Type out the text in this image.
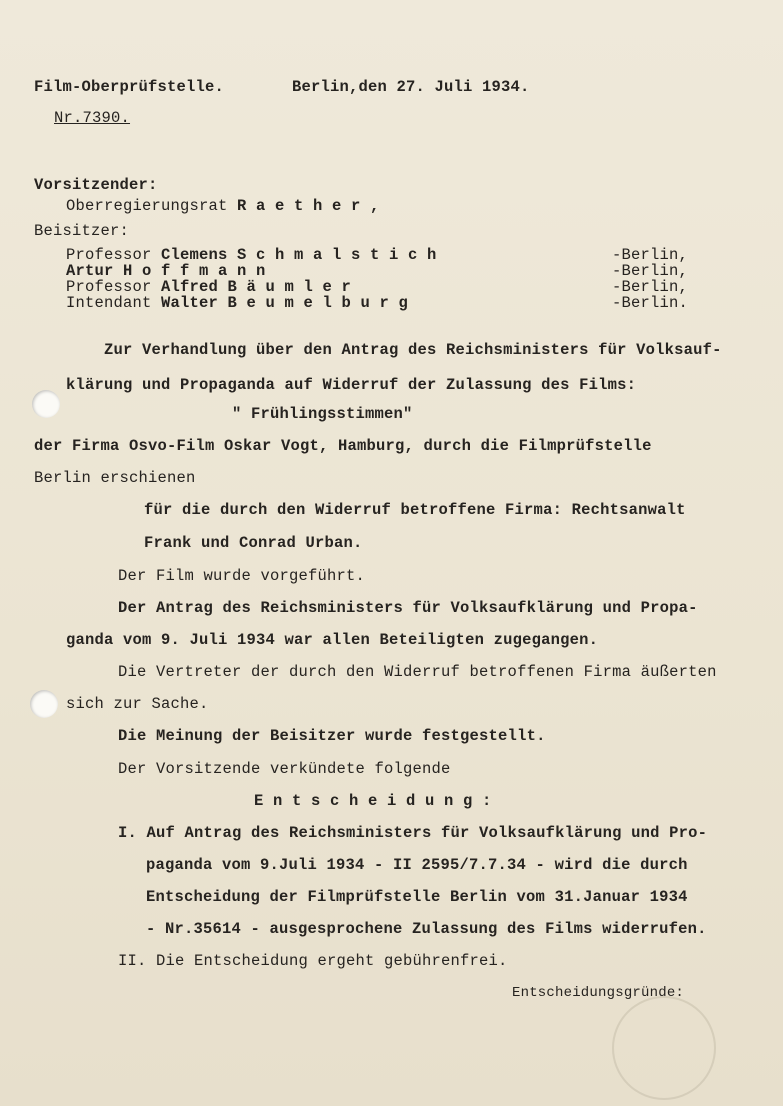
Film-Oberprüfstelle.	Berlin,den 27. Juli 1934.
Nr.7390.
Vorsitzender:
Oberregierungsrat R a e t h e r ,
Beisitzer:
Professor Clemens S c h m a l s t i c h	-Berlin,
Artur H o f f m a n n	-Berlin,
Professor Alfred B ä u m l e r	-Berlin,
Intendant Walter B e u m e l b u r g	-Berlin.
Zur Verhandlung über den Antrag des Reichsministers für Volksauf-
klärung und Propaganda auf Widerruf der Zulassung des Films:
" Frühlingsstimmen"
der Firma Osvo-Film Oskar Vogt, Hamburg, durch die Filmprüfstelle
Berlin erschienen
für die durch den Widerruf betroffene Firma: Rechtsanwalt
Frank und Conrad Urban.
Der Film wurde vorgeführt.
Der Antrag des Reichsministers für Volksaufklärung und Propa-
ganda vom 9. Juli 1934 war allen Beteiligten zugegangen.
Die Vertreter der durch den Widerruf betroffenen Firma äußerten
sich zur Sache.
Die Meinung der Beisitzer wurde festgestellt.
Der Vorsitzende verkündete folgende
E n t s c h e i d u n g :
I. Auf Antrag des Reichsministers für Volksaufklärung und Pro-
paganda vom 9.Juli 1934 - II 2595/7.7.34 - wird die durch
Entscheidung der Filmprüfstelle Berlin vom 31.Januar 1934
- Nr.35614 - ausgesprochene Zulassung des Films widerrufen.
II. Die Entscheidung ergeht gebührenfrei.
Entscheidungsgründe:
